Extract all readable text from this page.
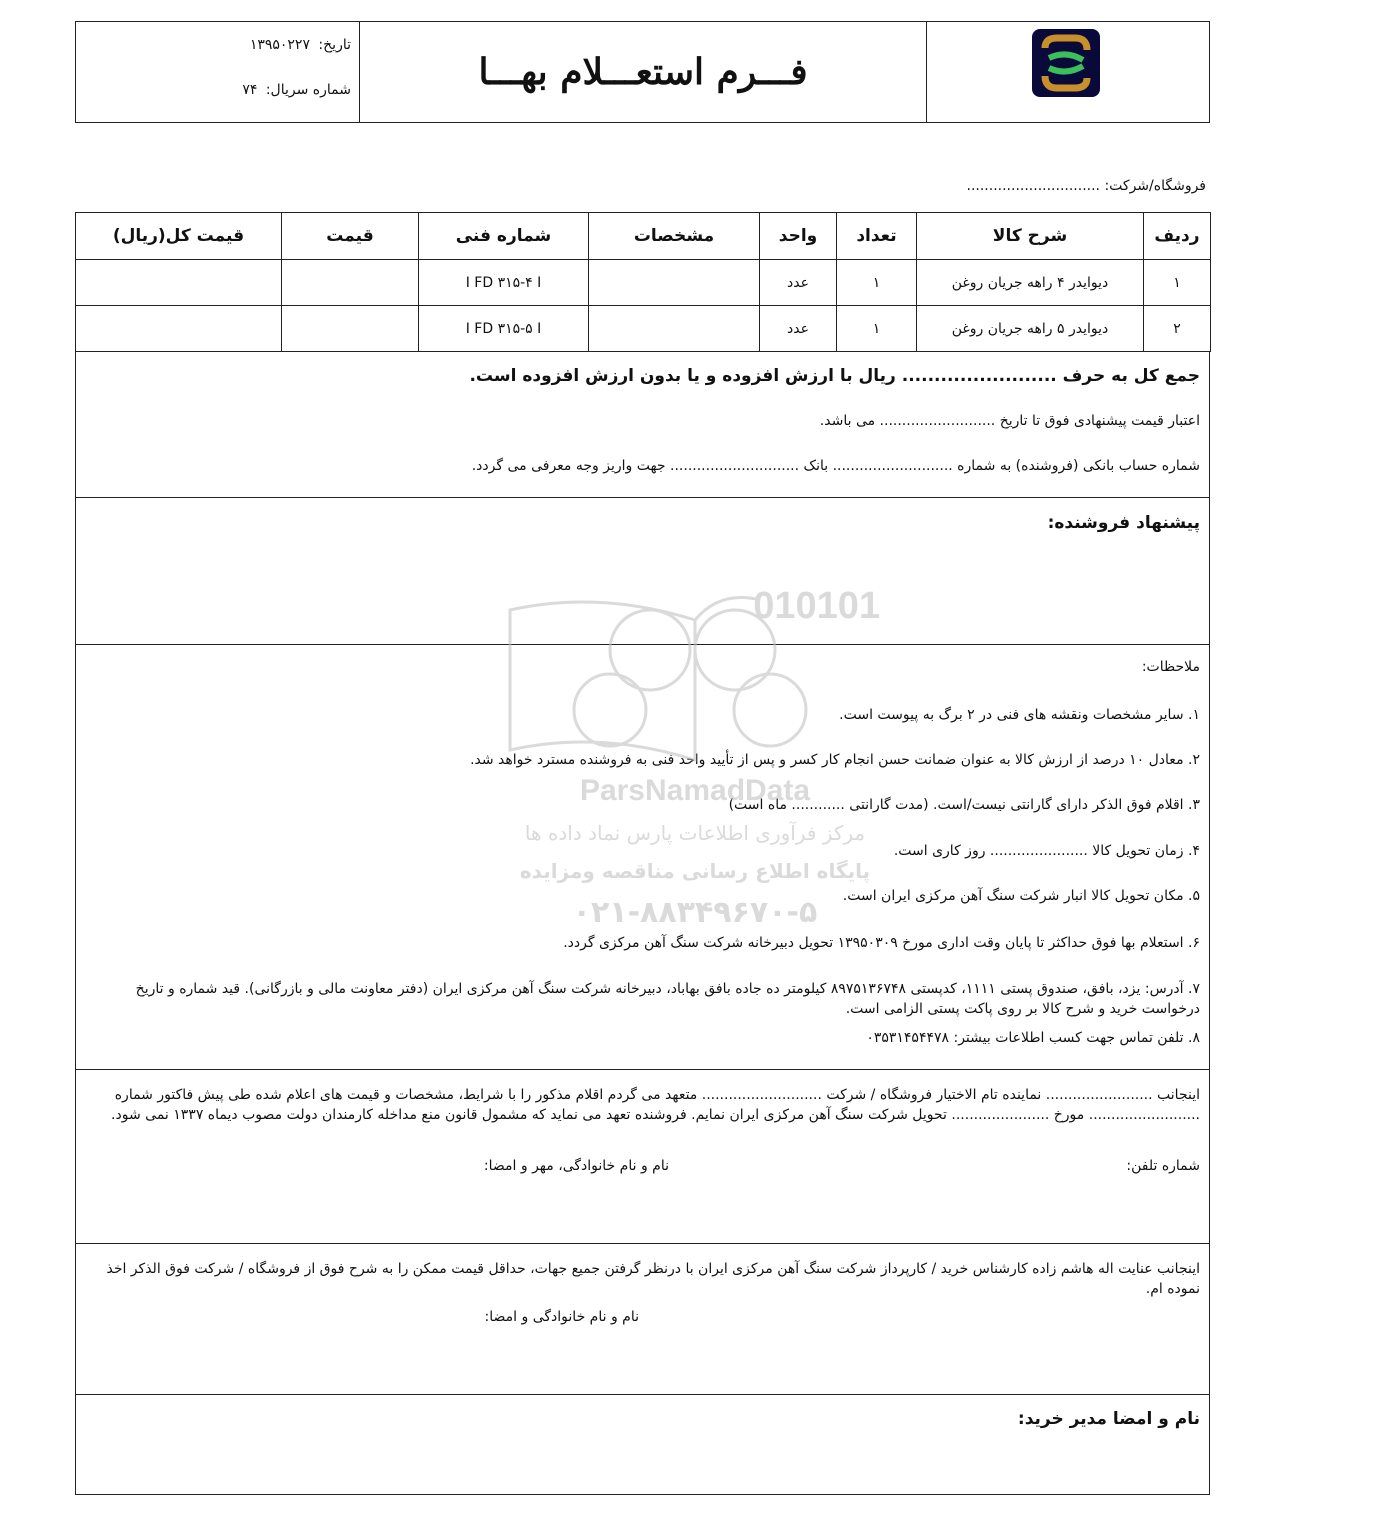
فـــرم استعـــلام بهـــا
تاریخ: ۱۳۹۵۰۲۲۷
شماره سریال: ۷۴
فروشگاه/شرکت: ..............................
ردیف	شرح کالا	تعداد	واحد	مشخصات	شماره فنی	قیمت	قیمت کل(ریال)
۱	دیوایدر ۴ راهه جریان روغن	۱	عدد		I FD ۳۱۵-۴ I		
۲	دیوایدر ۵ راهه جریان روغن	۱	عدد		I FD ۳۱۵-۵ I		
جمع کل به حرف ........................ ریال با ارزش افزوده و یا بدون ارزش افزوده است.
اعتبار قیمت پیشنهادی فوق تا تاریخ .......................... می باشد.
شماره حساب بانکی (فروشنده) به شماره ........................... بانک ............................. جهت واریز وجه معرفی می گردد.
پیشنهاد فروشنده:
ملاحظات:
۱. سایر مشخصات ونقشه های فنی در ۲ برگ به پیوست است.
۲. معادل ۱۰ درصد از ارزش کالا به عنوان ضمانت حسن انجام کار کسر و پس از تأیید واحد فنی به فروشنده مسترد خواهد شد.
۳. اقلام فوق الذکر دارای گارانتی نیست/است. (مدت گارانتی ............ ماه است)
۴. زمان تحویل کالا ...................... روز کاری است.
۵. مکان تحویل کالا انبار شرکت سنگ آهن مرکزی ایران است.
۶. استعلام بها فوق حداکثر تا پایان وقت اداری مورخ ۱۳۹۵۰۳۰۹ تحویل دبیرخانه شرکت سنگ آهن مرکزی گردد.
۷. آدرس: یزد، بافق، صندوق پستی ۱۱۱۱، کدپستی ۸۹۷۵۱۳۶۷۴۸ کیلومتر ده جاده بافق بهاباد، دبیرخانه شرکت سنگ آهن مرکزی ایران (دفتر معاونت مالی و بازرگانی). قید شماره و تاریخ درخواست خرید و شرح کالا بر روی پاکت پستی الزامی است.
۸. تلفن تماس جهت کسب اطلاعات بیشتر: ۰۳۵۳۱۴۵۴۴۷۸
اینجانب ........................ نماینده تام الاختیار فروشگاه / شرکت ........................... متعهد می گردم اقلام مذکور را با شرایط، مشخصات و قیمت های اعلام شده طی پیش فاکتور شماره ......................... مورخ ...................... تحویل شرکت سنگ آهن مرکزی ایران نمایم. فروشنده تعهد می نماید که مشمول قانون منع مداخله کارمندان دولت مصوب دیماه ۱۳۳۷ نمی شود.
شماره تلفن:
نام و نام خانوادگی، مهر و امضا:
اینجانب عنایت اله هاشم زاده کارشناس خرید / کارپرداز شرکت سنگ آهن مرکزی ایران با درنظر گرفتن جمیع جهات، حداقل قیمت ممکن را به شرح فوق از فروشگاه / شرکت فوق الذکر اخذ نموده ام.
نام و نام خانوادگی و امضا:
نام و امضا مدیر خرید:
010101
ParsNamadData
مرکز فرآوری اطلاعات پارس نماد داده ها
پایگاه اطلاع رسانی مناقصه ومزایده
۰۲۱-۸۸۳۴۹۶۷۰-۵
